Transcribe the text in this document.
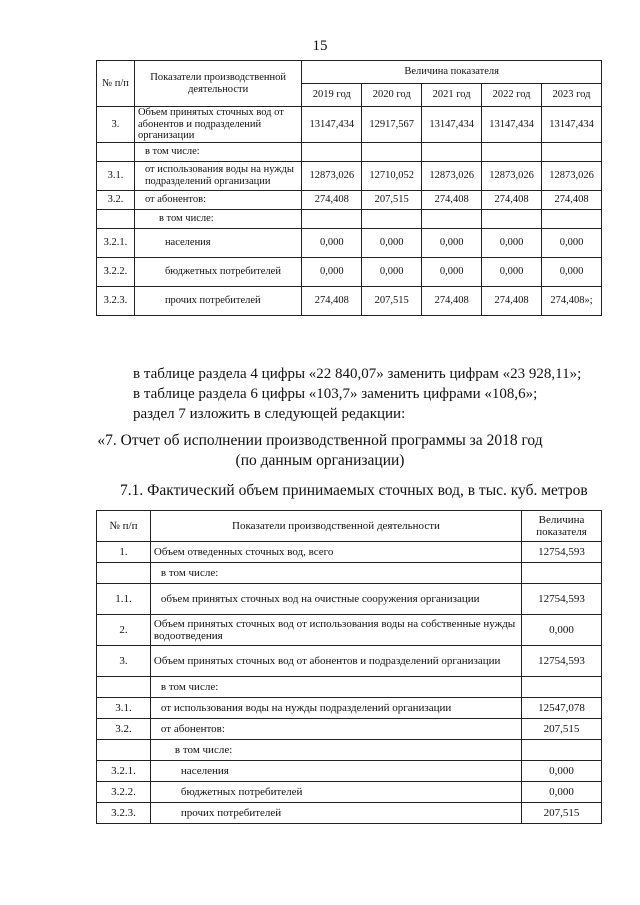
15
№ п/п	Показатели производственной деятельности	Величина показателя				
		2019 год	2020 год	2021 год	2022 год	2023 год
3.	Объем принятых сточных вод от абонентов и подразделений организации	13147,434	12917,567	13147,434	13147,434	13147,434
	в том числе:					
3.1.	от использования воды на нужды подразделений организации	12873,026	12710,052	12873,026	12873,026	12873,026
3.2.	от абонентов:	274,408	207,515	274,408	274,408	274,408
	в том числе:					
3.2.1.	населения	0,000	0,000	0,000	0,000	0,000
3.2.2.	бюджетных потребителей	0,000	0,000	0,000	0,000	0,000
3.2.3.	прочих потребителей	274,408	207,515	274,408	274,408	274,408»;
в таблице раздела 4 цифры «22 840,07» заменить цифрам «23 928,11»;
в таблице раздела 6 цифры «103,7» заменить цифрами «108,6»;
раздел 7 изложить в следующей редакции:
«7. Отчет об исполнении производственной программы за 2018 год
(по данным организации)
7.1. Фактический объем принимаемых сточных вод, в тыс. куб. метров
№ п/п	Показатели производственной деятельности	Величина показателя
1.	Объем отведенных сточных вод, всего	12754,593
	в том числе:	
1.1.	объем принятых сточных вод на очистные сооружения организации	12754,593
2.	Объем принятых сточных вод от использования воды на собственные нужды водоотведения	0,000
3.	Объем принятых сточных вод от абонентов и подразделений организации	12754,593
	в том числе:	
3.1.	от использования воды на нужды подразделений организации	12547,078
3.2.	от абонентов:	207,515
	в том числе:	
3.2.1.	населения	0,000
3.2.2.	бюджетных потребителей	0,000
3.2.3.	прочих потребителей	207,515
